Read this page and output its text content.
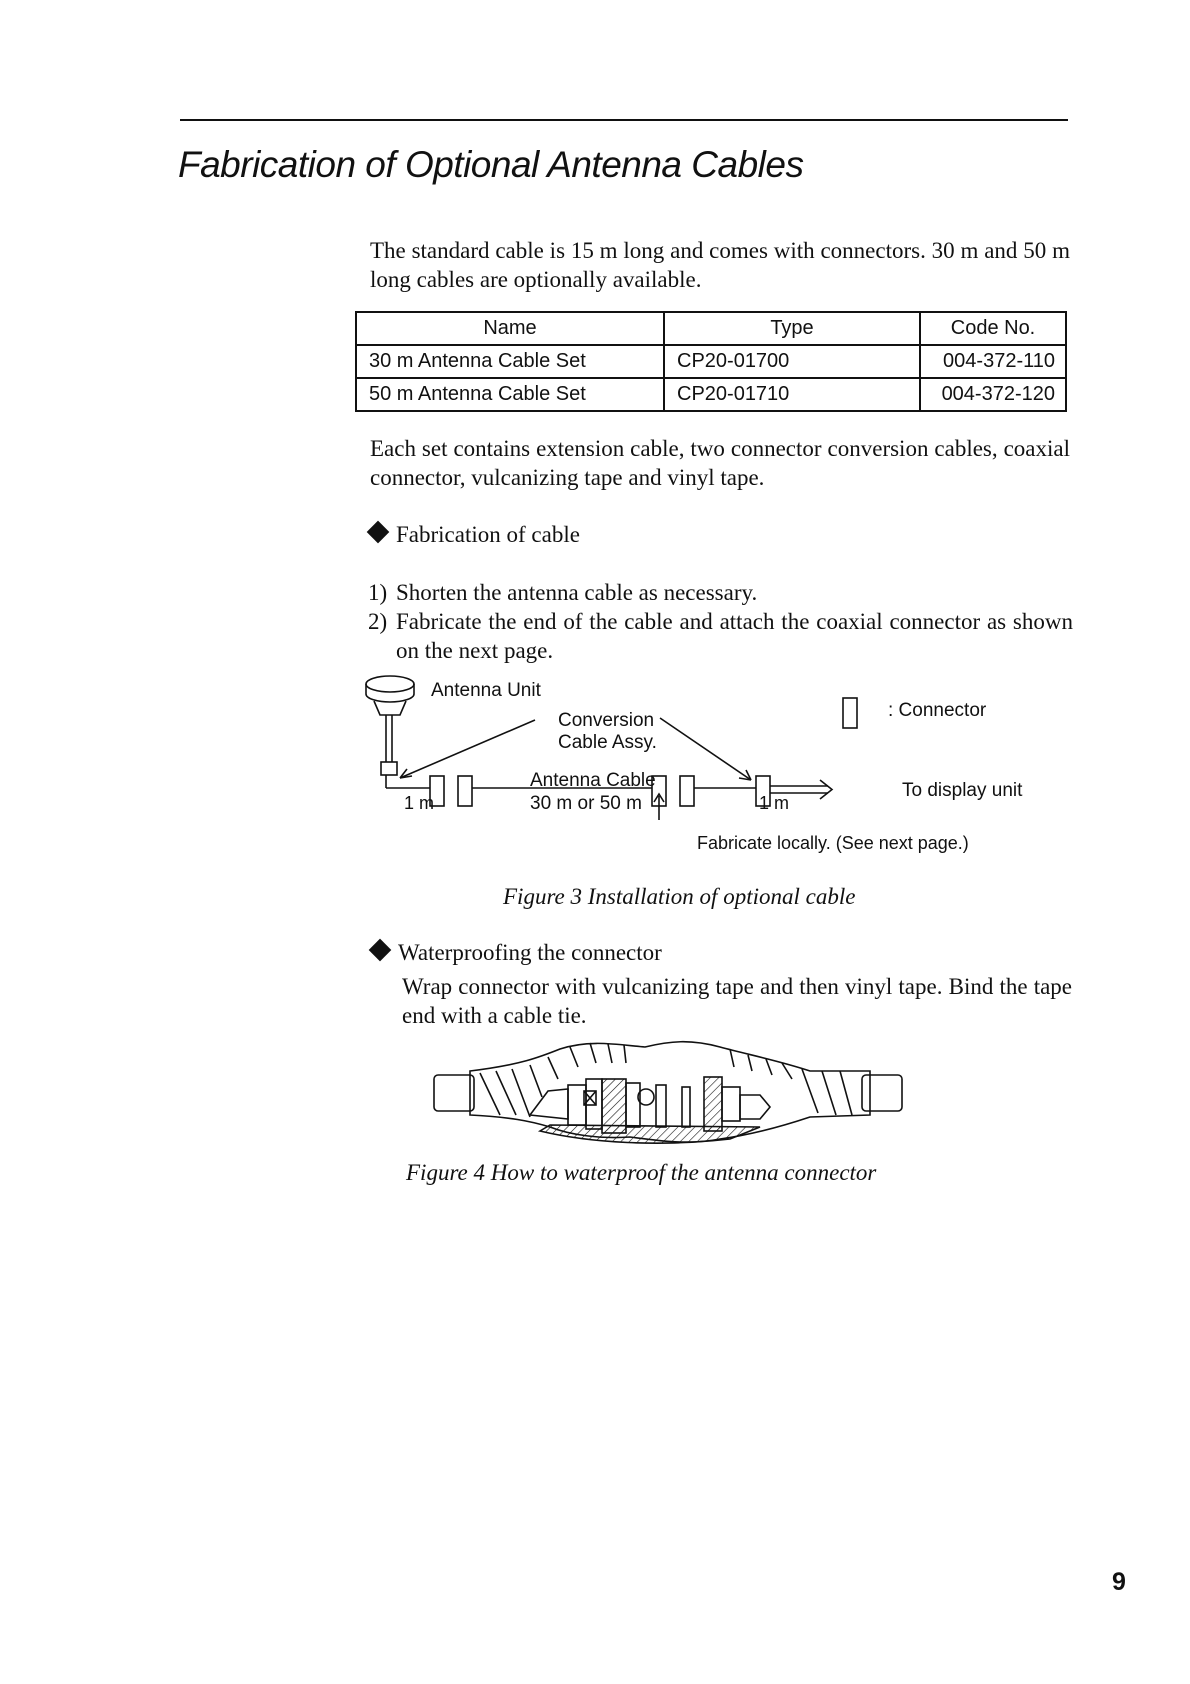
Fabrication of Optional Antenna Cables
The standard cable is 15 m long and comes with connectors. 30 m and 50 m long cables are optionally available.
Name	Type	Code No.
30 m Antenna Cable Set	CP20-01700	004-372-110
50 m Antenna Cable Set	CP20-01710	004-372-120
Each set contains extension cable, two connector conversion cables, coaxial connector, vulcanizing tape and vinyl tape.
Fabrication of cable
1) Shorten the antenna cable as necessary.
2) Fabricate the end of the cable and attach the coaxial connector as shown on the next page.
Antenna Unit
Conversion
Cable Assy.
: Connector
Antenna Cable
30 m or 50 m
1 m	1 m
To display unit
Fabricate locally. (See next page.)
Figure 3 Installation of optional cable
Waterproofing the connector
Wrap connector with vulcanizing tape and then vinyl tape. Bind the tape end with a cable tie.
Figure 4 How to waterproof the antenna connector
9
